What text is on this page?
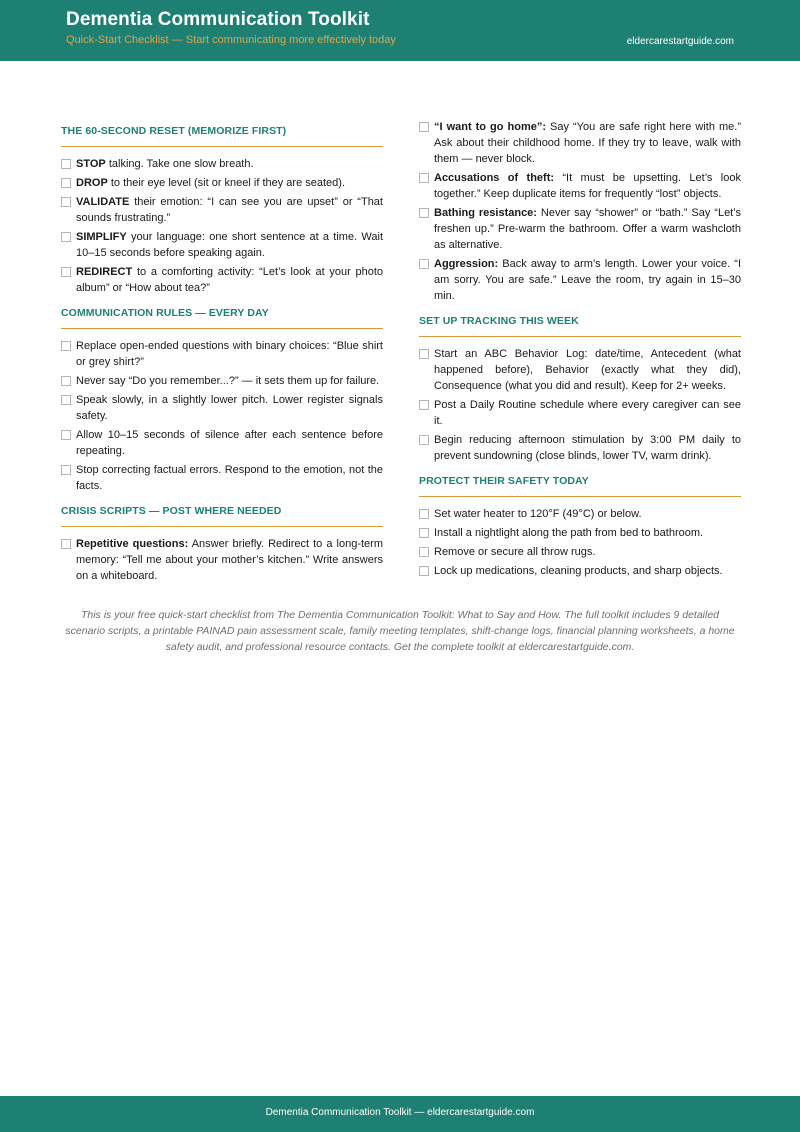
Dementia Communication Toolkit
Quick-Start Checklist — Start communicating more effectively today	eldercarestartguide.com
THE 60-SECOND RESET (MEMORIZE FIRST)
STOP talking. Take one slow breath.
DROP to their eye level (sit or kneel if they are seated).
VALIDATE their emotion: “I can see you are upset” or “That sounds frustrating.”
SIMPLIFY your language: one short sentence at a time. Wait 10–15 seconds before speaking again.
REDIRECT to a comforting activity: “Let’s look at your photo album” or “How about tea?”
COMMUNICATION RULES — EVERY DAY
Replace open-ended questions with binary choices: “Blue shirt or grey shirt?”
Never say “Do you remember...?” — it sets them up for failure.
Speak slowly, in a slightly lower pitch. Lower register signals safety.
Allow 10–15 seconds of silence after each sentence before repeating.
Stop correcting factual errors. Respond to the emotion, not the facts.
CRISIS SCRIPTS — POST WHERE NEEDED
Repetitive questions: Answer briefly. Redirect to a long-term memory: “Tell me about your mother’s kitchen.” Write answers on a whiteboard.
“I want to go home”: Say “You are safe right here with me.” Ask about their childhood home. If they try to leave, walk with them — never block.
Accusations of theft: “It must be upsetting. Let’s look together.” Keep duplicate items for frequently “lost” objects.
Bathing resistance: Never say “shower” or “bath.” Say “Let’s freshen up.” Pre-warm the bathroom. Offer a warm washcloth as alternative.
Aggression: Back away to arm’s length. Lower your voice. “I am sorry. You are safe.” Leave the room, try again in 15–30 min.
SET UP TRACKING THIS WEEK
Start an ABC Behavior Log: date/time, Antecedent (what happened before), Behavior (exactly what they did), Consequence (what you did and result). Keep for 2+ weeks.
Post a Daily Routine schedule where every caregiver can see it.
Begin reducing afternoon stimulation by 3:00 PM daily to prevent sundowning (close blinds, lower TV, warm drink).
PROTECT THEIR SAFETY TODAY
Set water heater to 120°F (49°C) or below.
Install a nightlight along the path from bed to bathroom.
Remove or secure all throw rugs.
Lock up medications, cleaning products, and sharp objects.
This is your free quick-start checklist from The Dementia Communication Toolkit: What to Say and How. The full toolkit includes 9 detailed scenario scripts, a printable PAINAD pain assessment scale, family meeting templates, shift-change logs, financial planning worksheets, a home safety audit, and professional resource contacts. Get the complete toolkit at eldercarestartguide.com.
Dementia Communication Toolkit — eldercarestartguide.com
